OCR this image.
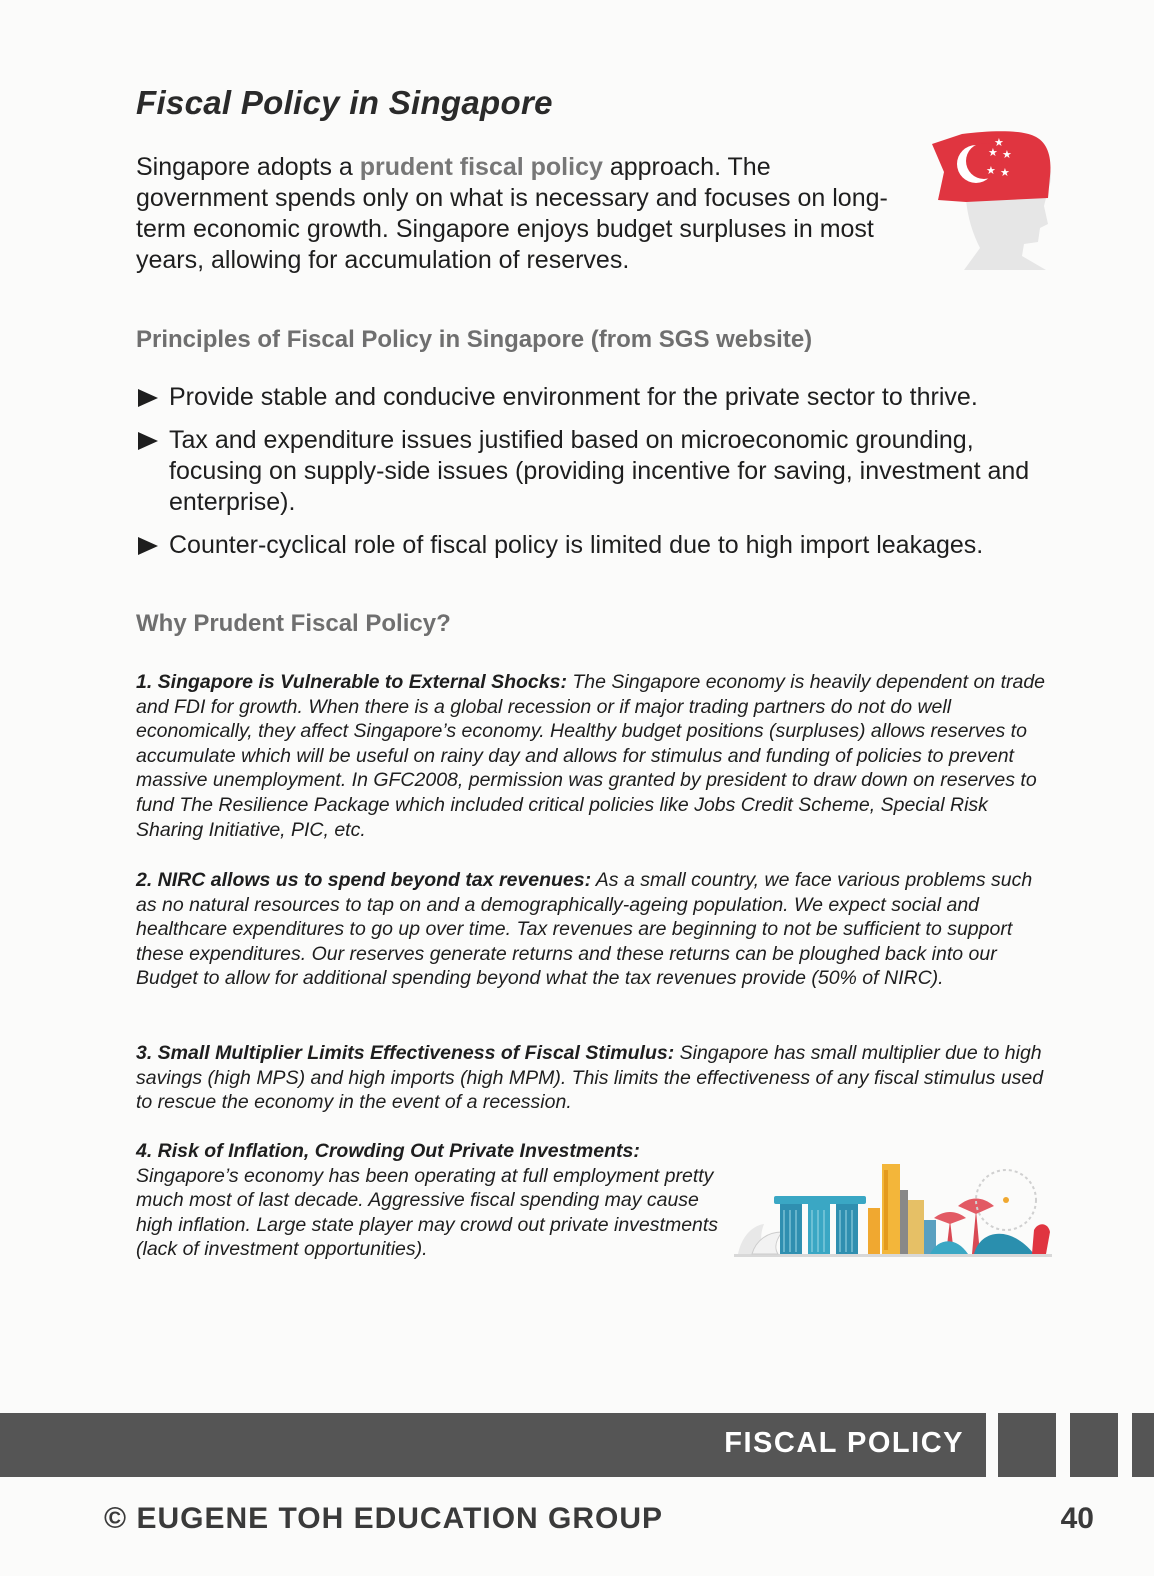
Fiscal Policy in Singapore

Singapore adopts a prudent fiscal policy approach. The government spends only on what is necessary and focuses on long-term economic growth. Singapore enjoys budget surpluses in most years, allowing for accumulation of reserves.

★ ★
★ ★
★
Principles of Fiscal Policy in Singapore (from SGS website)
Provide stable and conducive environment for the private sector to thrive.
Tax and expenditure issues justified based on microeconomic grounding, focusing on supply-side issues (providing incentive for saving, investment and enterprise).
Counter-cyclical role of fiscal policy is limited due to high import leakages.
Why Prudent Fiscal Policy?

1. Singapore is Vulnerable to External Shocks: The Singapore economy is heavily dependent on trade and FDI for growth. When there is a global recession or if major trading partners do not do well economically, they affect Singapore’s economy. Healthy budget positions (surpluses) allows reserves to accumulate which will be useful on rainy day and allows for stimulus and funding of policies to prevent massive unemployment. In GFC2008, permission was granted by president to draw down on reserves to fund The Resilience Package which included critical policies like Jobs Credit Scheme, Special Risk Sharing Initiative, PIC, etc.

2. NIRC allows us to spend beyond tax revenues: As a small country, we face various problems such as no natural resources to tap on and a demographically-ageing population. We expect social and healthcare expenditures to go up over time. Tax revenues are beginning to not be sufficient to support these expenditures. Our reserves generate returns and these returns can be ploughed back into our Budget to allow for additional spending beyond what the tax revenues provide (50% of NIRC).

3. Small Multiplier Limits Effectiveness of Fiscal Stimulus: Singapore has small multiplier due to high savings (high MPS) and high imports (high MPM). This limits the effectiveness of any fiscal stimulus used to rescue the economy in the event of a recession.

4. Risk of Inflation, Crowding Out Private Investments:
Singapore’s economy has been operating at full employment pretty much most of last decade. Aggressive fiscal spending may cause high inflation. Large state player may crowd out private investments (lack of investment opportunities).

FISCAL POLICY
© EUGENE TOH EDUCATION GROUP	40
